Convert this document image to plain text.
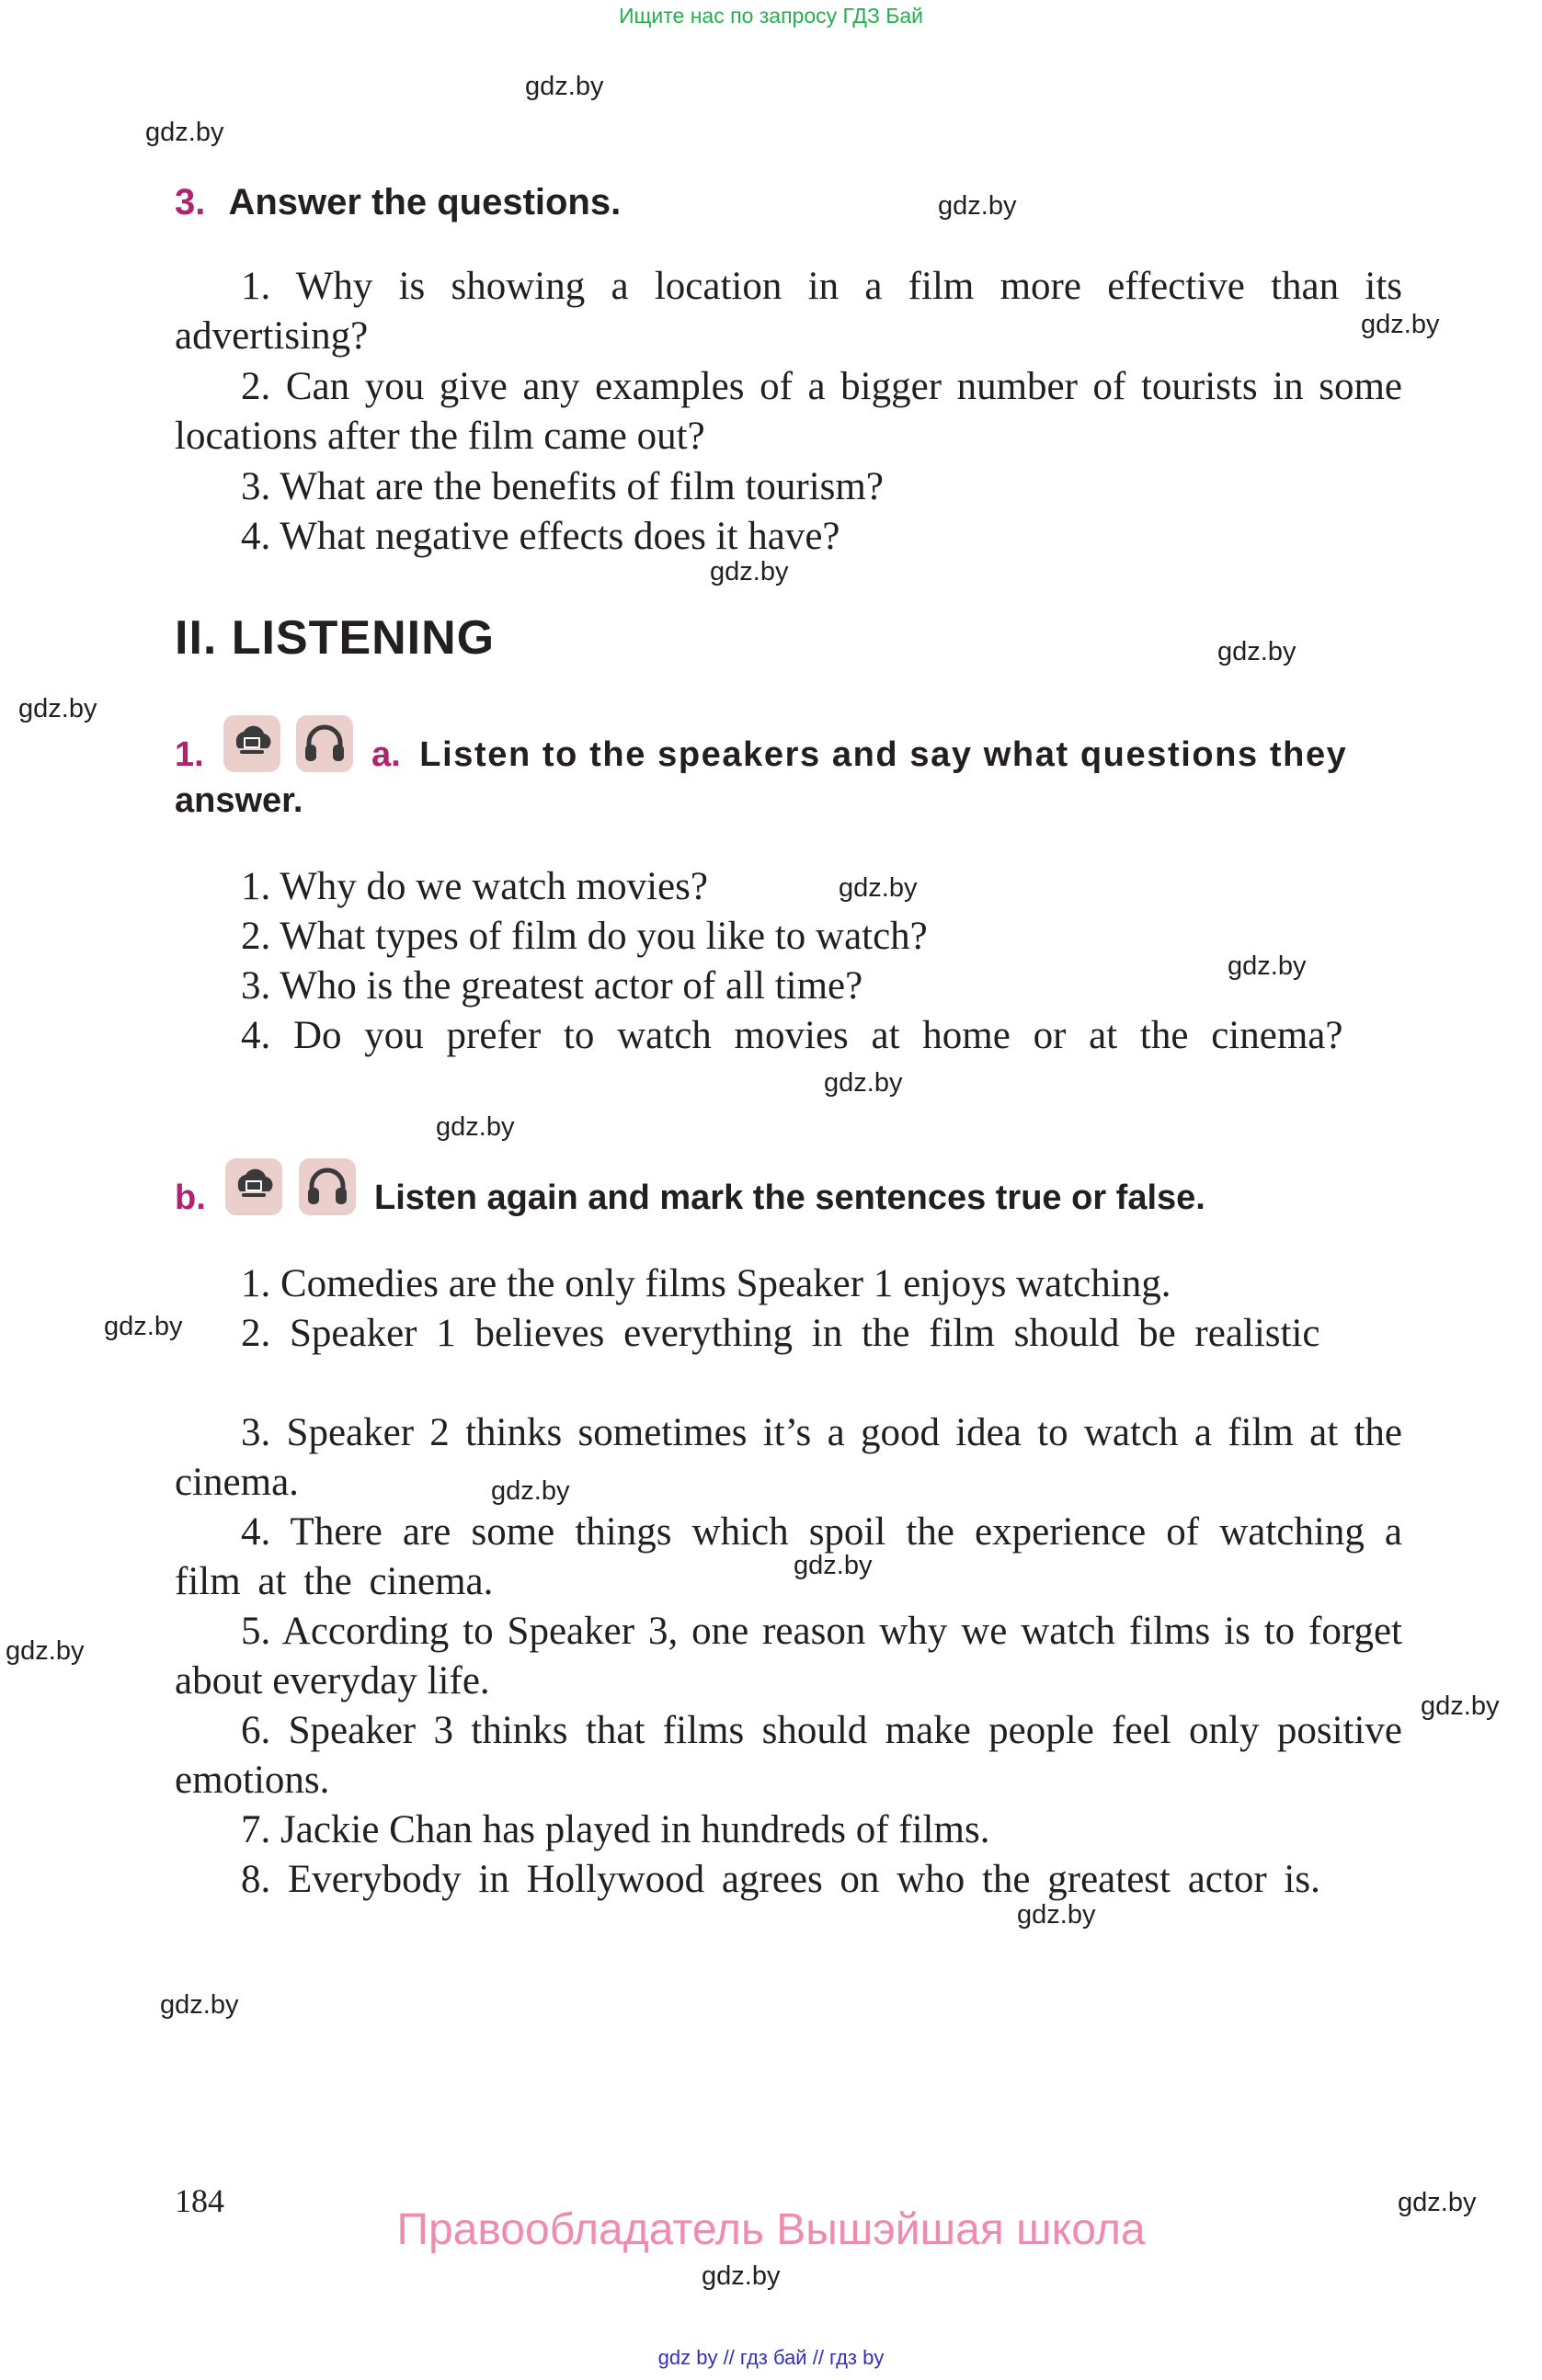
Ищите нас по запросу ГДЗ Бай
gdz.by
gdz.by
gdz.by
gdz.by
gdz.by
gdz.by
gdz.by
gdz.by
gdz.by
gdz.by
gdz.by
gdz.by
gdz.by
gdz.by
gdz.by
gdz.by
gdz.by
gdz.by
gdz.by
gdz.by
3. Answer the questions.
1. Why is showing a location in a film more effective than its advertising?
2. Can you give any examples of a bigger number of tourists in some locations after the film came out?
3. What are the benefits of film tourism?
4. What negative effects does it have?
II. LISTENING
1.	a. Listen to the speakers and say what questions they
answer.
1. Why do we watch movies?
2. What types of film do you like to watch?
3. Who is the greatest actor of all time?
4. Do you prefer to watch movies at home or at the cinema?
b.	Listen again and mark the sentences true or false.
1. Comedies are the only films Speaker 1 enjoys watching.
2. Speaker 1 believes everything in the film should be realistic
3. Speaker 2 thinks sometimes it’s a good idea to watch a film at the cinema.
4. There are some things which spoil the experience of watching a film at the cinema.
5. According to Speaker 3, one reason why we watch films is to forget about everyday life.
6. Speaker 3 thinks that films should make people feel only positive emotions.
7. Jackie Chan has played in hundreds of films.
8. Everybody in Hollywood agrees on who the greatest actor is.
184
Правообладатель Вышэйшая школа
gdz by // гдз бай // гдз by
